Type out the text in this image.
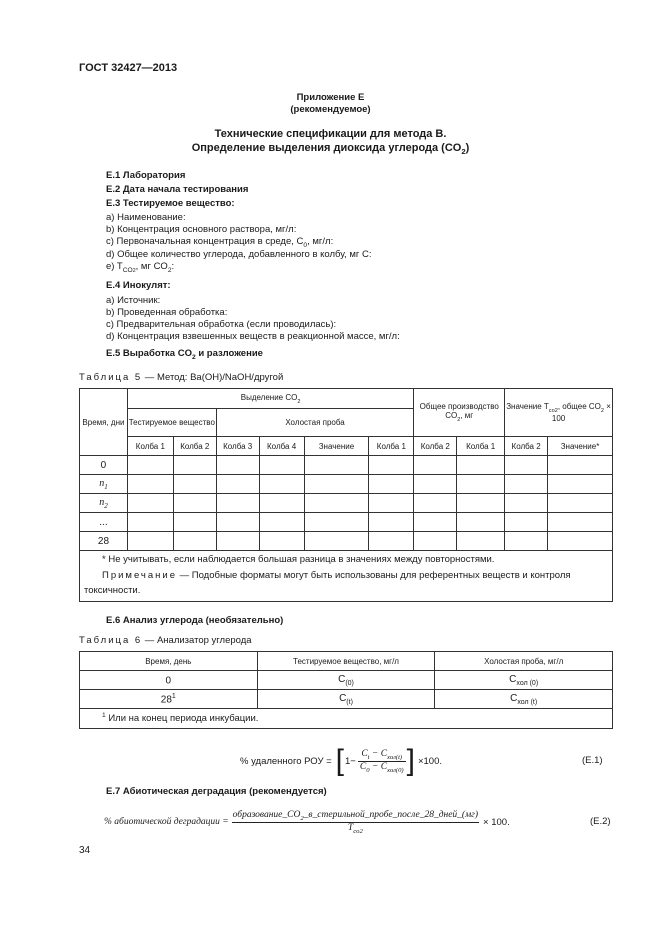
ГОСТ 32427—2013
Приложение Е
(рекомендуемое)
Технические спецификации для метода В.
Определение выделения диоксида углерода $(CO_2)$
Е.1 Лаборатория
Е.2 Дата начала тестирования
Е.3 Тестируемое вещество:
a) Наименование:
b) Концентрация основного раствора, мг/л:
c) Первоначальная концентрация в среде, $C_0$, мг/л:
d) Общее количество углерода, добавленного в колбу, мг С:
e) $T_{CO2}$, мг $CO_2$:
Е.4 Инокулят:
a) Источник:
b) Проведенная обработка:
c) Предварительная обработка (если проводилась):
d) Концентрация взвешенных веществ в реакционной массе, мг/л:
Е.5 Выработка $CO_2$ и разложение
Таблица 5 — Метод: Ва(ОН)/NaOH/другой
Время, дни	Выделение $CO_2$						Общее производство $CO_2$, мг		Значение $T_{co2}$, общее $CO_2 \times 100$	
	Тестируемое вещество		Холостая проба							
	Колба 1	Колба 2	Колба 3	Колба 4	Значение	Колба 1	Колба 2	Колба 1	Колба 2	Значение*
0										
$n_1$										
$n_2$										
...										
28										

* Не учитывать, если наблюдается большая разница в значениях между повторностями.
Примечание — Подобные форматы могут быть использованы для референтных веществ и контроля токсичности.										
Е.6 Анализ углерода (необязательно)
Таблица 6 — Анализатор углерода
Время, день	Тестируемое вещество, мг/л	Холостая проба, мг/л
0	$C_{(0)}$	$C_{хол (0)}$
$28^1$	$C_{(t)}$	$C_{хол (t)}$
$^1$ Или на конец периода инкубации.		
% удаленного РОУ = [ $1- \frac{C_t - C_{хол(t)}}{C_0 - C_{хол(0)}}$ ] ×100.	(Е.1)
Е.7 Абиотическая деградация (рекомендуется)
% абиотической деградации = $\frac{образование\_CO_2\_в\_стерильной\_пробе\_после\_28\_дней\_(мг)}{T_{co2}} \times 100$.	(Е.2)
34
